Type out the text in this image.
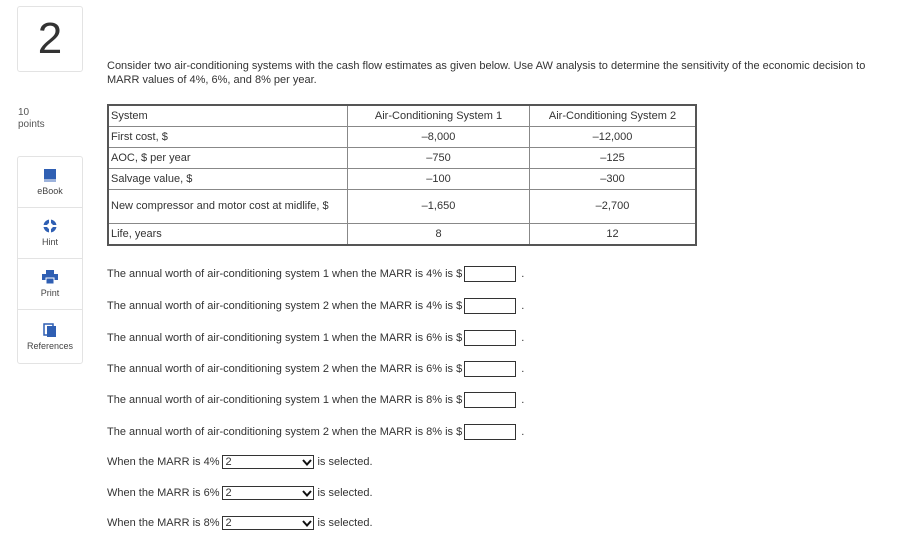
2
10
points
eBook
Hint
Print
References
Consider two air-conditioning systems with the cash flow estimates as given below. Use AW analysis to determine the sensitivity of the economic decision to MARR values of 4%, 6%, and 8% per year.
System	Air-Conditioning System 1	Air-Conditioning System 2
First cost, $	–8,000	–12,000
AOC, $ per year	–750	–125
Salvage value, $	–100	–300
New compressor and motor cost at midlife, $	–1,650	–2,700
Life, years	8	12
The annual worth of air-conditioning system 1 when the MARR is 4% is $	.
The annual worth of air-conditioning system 2 when the MARR is 4% is $	.
The annual worth of air-conditioning system 1 when the MARR is 6% is $	.
The annual worth of air-conditioning system 2 when the MARR is 6% is $	.
The annual worth of air-conditioning system 1 when the MARR is 8% is $	.
The annual worth of air-conditioning system 2 when the MARR is 8% is $	.
When the MARR is 4% 2	is selected.
When the MARR is 6% 2	is selected.
When the MARR is 8% 2	is selected.
